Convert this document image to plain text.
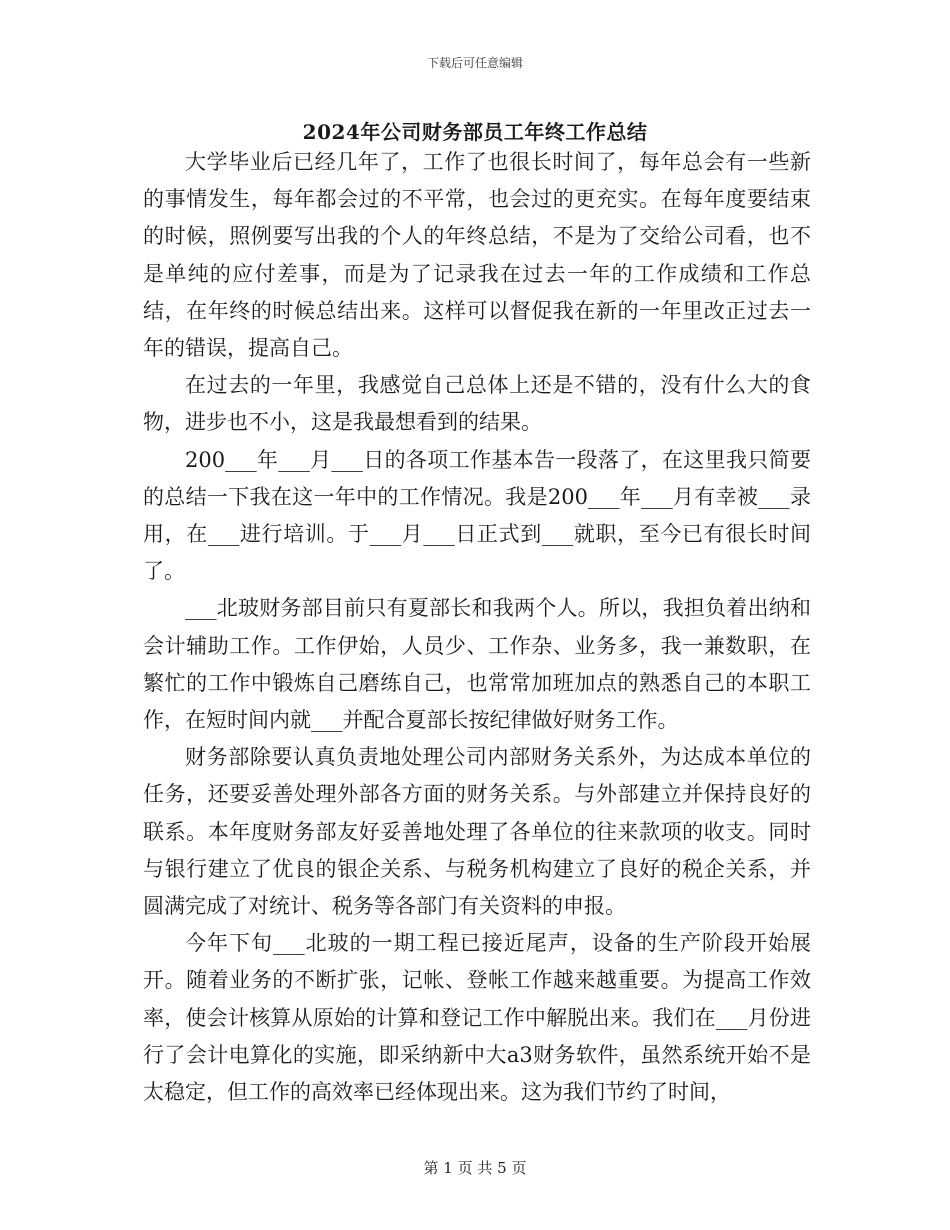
下载后可任意编辑
2024年公司财务部员工年终工作总结

大学毕业后已经几年了，工作了也很长时间了，每年总会有一些新的事情发生，每年都会过的不平常，也会过的更充实。在每年度要结束的时候，照例要写出我的个人的年终总结，不是为了交给公司看，也不是单纯的应付差事，而是为了记录我在过去一年的工作成绩和工作总结，在年终的时候总结出来。这样可以督促我在新的一年里改正过去一年的错误，提高自己。

在过去的一年里，我感觉自己总体上还是不错的，没有什么大的食物，进步也不小，这是我最想看到的结果。

200___年___月___日的各项工作基本告一段落了，在这里我只简要的总结一下我在这一年中的工作情况。我是200___年___月有幸被___录用，在___进行培训。于___月___日正式到___就职，至今已有很长时间了。

___北玻财务部目前只有夏部长和我两个人。所以，我担负着出纳和会计辅助工作。工作伊始，人员少、工作杂、业务多，我一兼数职，在繁忙的工作中锻炼自己磨练自己，也常常加班加点的熟悉自己的本职工作，在短时间内就___并配合夏部长按纪律做好财务工作。

财务部除要认真负责地处理公司内部财务关系外，为达成本单位的任务，还要妥善处理外部各方面的财务关系。与外部建立并保持良好的联系。本年度财务部友好妥善地处理了各单位的往来款项的收支。同时与银行建立了优良的银企关系、与税务机构建立了良好的税企关系，并圆满完成了对统计、税务等各部门有关资料的申报。

今年下旬___北玻的一期工程已接近尾声，设备的生产阶段开始展开。随着业务的不断扩张，记帐、登帐工作越来越重要。为提高工作效率，使会计核算从原始的计算和登记工作中解脱出来。我们在___月份进行了会计电算化的实施，即采纳新中大a3财务软件，虽然系统开始不是太稳定，但工作的高效率已经体现出来。这为我们节约了时间，

第 1 页 共 5 页
